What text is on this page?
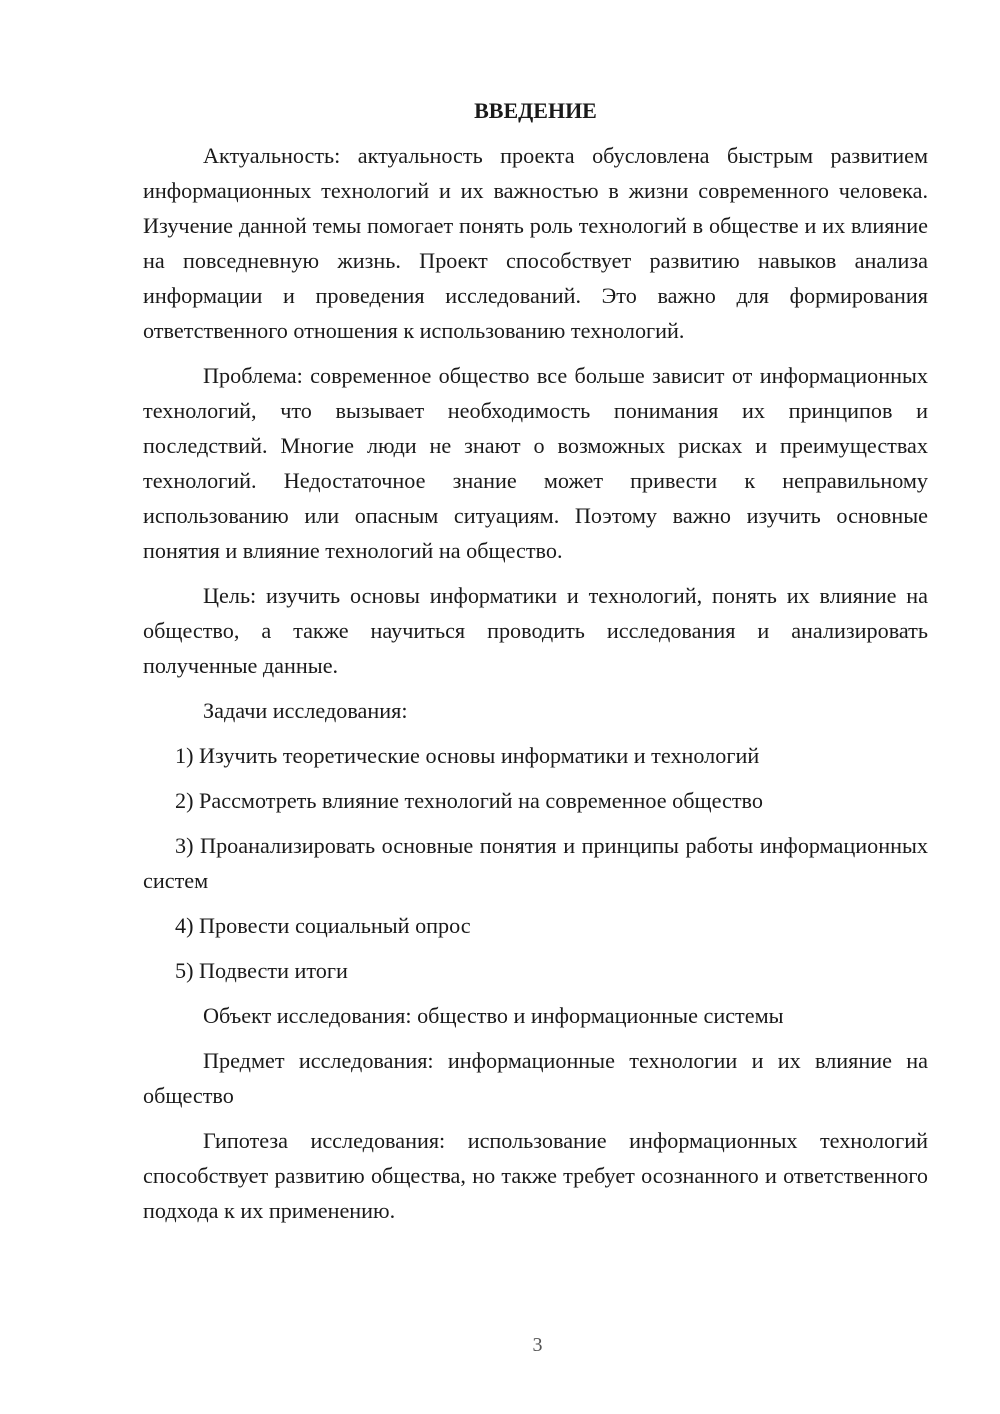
ВВЕДЕНИЕ

Актуальность: актуальность проекта обусловлена быстрым развитием информационных технологий и их важностью в жизни современного человека. Изучение данной темы помогает понять роль технологий в обществе и их влияние на повседневную жизнь. Проект способствует развитию навыков анализа информации и проведения исследований. Это важно для формирования ответственного отношения к использованию технологий.

Проблема: современное общество все больше зависит от информационных технологий, что вызывает необходимость понимания их принципов и последствий. Многие люди не знают о возможных рисках и преимуществах технологий. Недостаточное знание может привести к неправильному использованию или опасным ситуациям. Поэтому важно изучить основные понятия и влияние технологий на общество.

Цель: изучить основы информатики и технологий, понять их влияние на общество, а также научиться проводить исследования и анализировать полученные данные.

Задачи исследования:

1) Изучить теоретические основы информатики и технологий

2) Рассмотреть влияние технологий на современное общество

3) Проанализировать основные понятия и принципы работы информационных систем

4) Провести социальный опрос

5) Подвести итоги

Объект исследования: общество и информационные системы

Предмет исследования: информационные технологии и их влияние на общество

Гипотеза исследования: использование информационных технологий способствует развитию общества, но также требует осознанного и ответственного подхода к их применению.

3
